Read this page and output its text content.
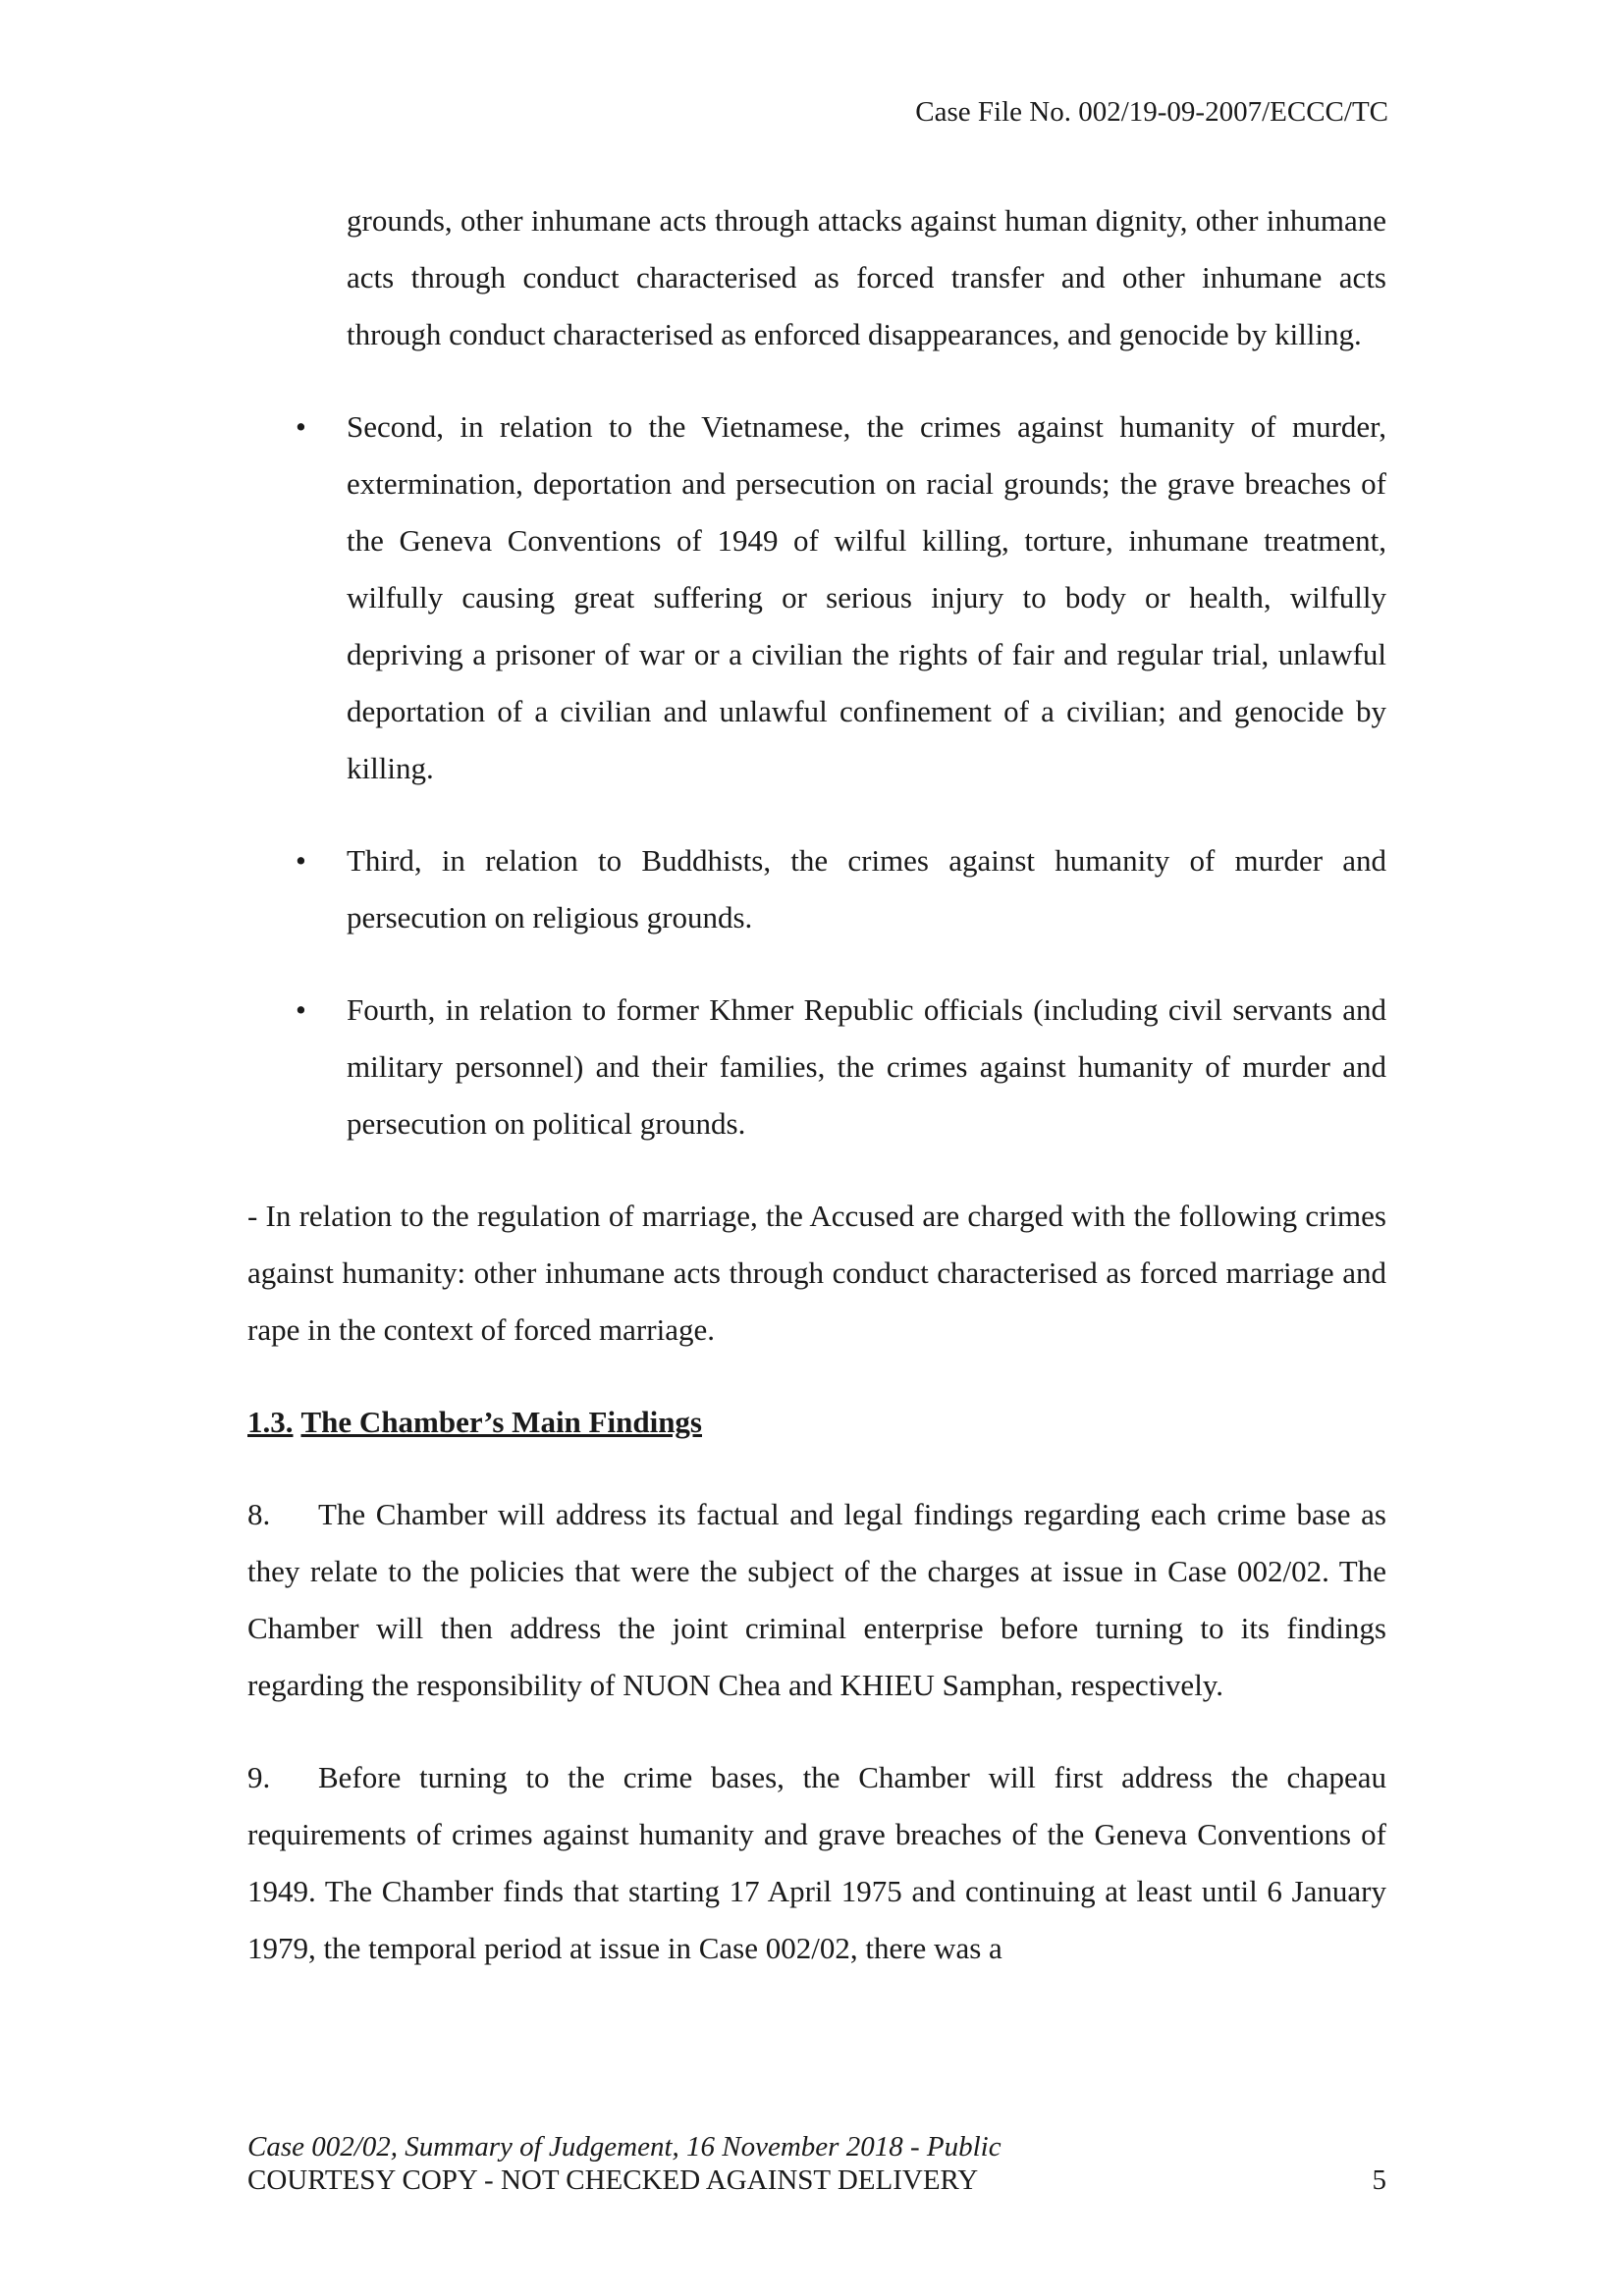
Case File No. 002/19-09-2007/ECCC/TC

grounds, other inhumane acts through attacks against human dignity, other inhumane acts through conduct characterised as forced transfer and other inhumane acts through conduct characterised as enforced disappearances, and genocide by killing.

• Second, in relation to the Vietnamese, the crimes against humanity of murder, extermination, deportation and persecution on racial grounds; the grave breaches of the Geneva Conventions of 1949 of wilful killing, torture, inhumane treatment, wilfully causing great suffering or serious injury to body or health, wilfully depriving a prisoner of war or a civilian the rights of fair and regular trial, unlawful deportation of a civilian and unlawful confinement of a civilian; and genocide by killing.

• Third, in relation to Buddhists, the crimes against humanity of murder and persecution on religious grounds.

• Fourth, in relation to former Khmer Republic officials (including civil servants and military personnel) and their families, the crimes against humanity of murder and persecution on political grounds.

- In relation to the regulation of marriage, the Accused are charged with the following crimes against humanity: other inhumane acts through conduct characterised as forced marriage and rape in the context of forced marriage.

1.3. The Chamber’s Main Findings

8. The Chamber will address its factual and legal findings regarding each crime base as they relate to the policies that were the subject of the charges at issue in Case 002/02. The Chamber will then address the joint criminal enterprise before turning to its findings regarding the responsibility of NUON Chea and KHIEU Samphan, respectively.

9. Before turning to the crime bases, the Chamber will first address the chapeau requirements of crimes against humanity and grave breaches of the Geneva Conventions of 1949. The Chamber finds that starting 17 April 1975 and continuing at least until 6 January 1979, the temporal period at issue in Case 002/02, there was a

Case 002/02, Summary of Judgement, 16 November 2018 - Public
COURTESY COPY - NOT CHECKED AGAINST DELIVERY	5
